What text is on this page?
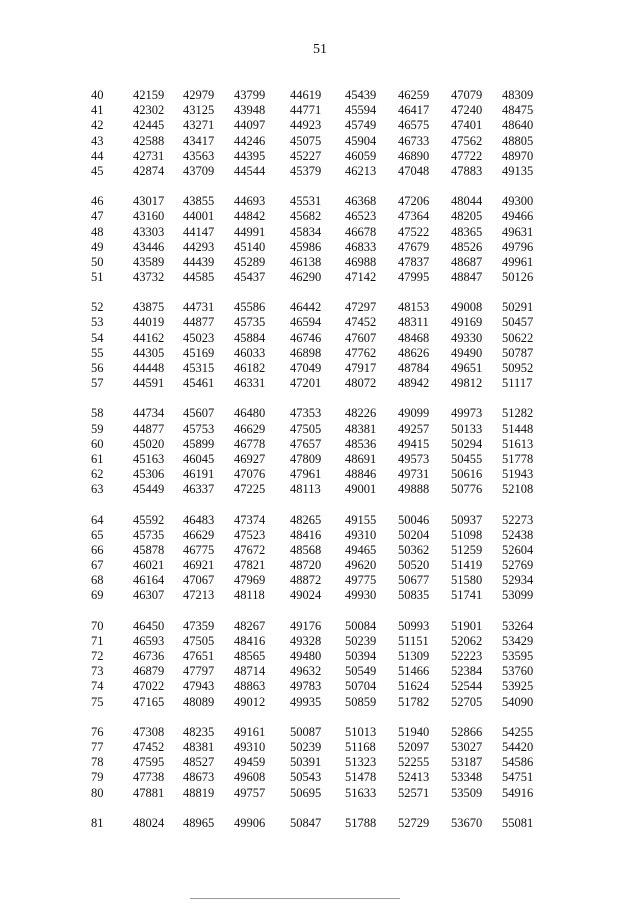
51
40 42159 42979 43799 44619 45439 46259 47079 48309
41 42302 43125 43948 44771 45594 46417 47240 48475
42 42445 43271 44097 44923 45749 46575 47401 48640
43 42588 43417 44246 45075 45904 46733 47562 48805
44 42731 43563 44395 45227 46059 46890 47722 48970
45 42874 43709 44544 45379 46213 47048 47883 49135
46 43017 43855 44693 45531 46368 47206 48044 49300
47 43160 44001 44842 45682 46523 47364 48205 49466
48 43303 44147 44991 45834 46678 47522 48365 49631
49 43446 44293 45140 45986 46833 47679 48526 49796
50 43589 44439 45289 46138 46988 47837 48687 49961
51 43732 44585 45437 46290 47142 47995 48847 50126
52 43875 44731 45586 46442 47297 48153 49008 50291
53 44019 44877 45735 46594 47452 48311 49169 50457
54 44162 45023 45884 46746 47607 48468 49330 50622
55 44305 45169 46033 46898 47762 48626 49490 50787
56 44448 45315 46182 47049 47917 48784 49651 50952
57 44591 45461 46331 47201 48072 48942 49812 51117
58 44734 45607 46480 47353 48226 49099 49973 51282
59 44877 45753 46629 47505 48381 49257 50133 51448
60 45020 45899 46778 47657 48536 49415 50294 51613
61 45163 46045 46927 47809 48691 49573 50455 51778
62 45306 46191 47076 47961 48846 49731 50616 51943
63 45449 46337 47225 48113 49001 49888 50776 52108
64 45592 46483 47374 48265 49155 50046 50937 52273
65 45735 46629 47523 48416 49310 50204 51098 52438
66 45878 46775 47672 48568 49465 50362 51259 52604
67 46021 46921 47821 48720 49620 50520 51419 52769
68 46164 47067 47969 48872 49775 50677 51580 52934
69 46307 47213 48118 49024 49930 50835 51741 53099
70 46450 47359 48267 49176 50084 50993 51901 53264
71 46593 47505 48416 49328 50239 51151 52062 53429
72 46736 47651 48565 49480 50394 51309 52223 53595
73 46879 47797 48714 49632 50549 51466 52384 53760
74 47022 47943 48863 49783 50704 51624 52544 53925
75 47165 48089 49012 49935 50859 51782 52705 54090
76 47308 48235 49161 50087 51013 51940 52866 54255
77 47452 48381 49310 50239 51168 52097 53027 54420
78 47595 48527 49459 50391 51323 52255 53187 54586
79 47738 48673 49608 50543 51478 52413 53348 54751
80 47881 48819 49757 50695 51633 52571 53509 54916
81 48024 48965 49906 50847 51788 52729 53670 55081
